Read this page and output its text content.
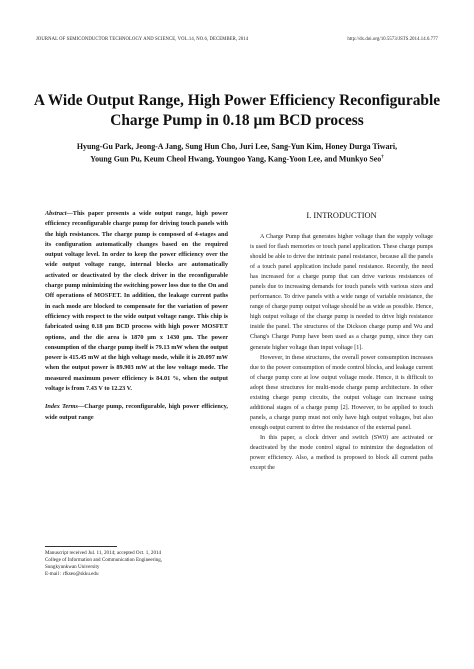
JOURNAL OF SEMICONDUCTOR TECHNOLOGY AND SCIENCE, VOL.14, NO.6, DECEMBER, 2014	http://dx.doi.org/10.5573/JSTS.2014.14.6.777
A Wide Output Range, High Power Efficiency Reconfigurable Charge Pump in 0.18 µm BCD process
Hyung-Gu Park, Jeong-A Jang, Sung Hun Cho, Juri Lee, Sang-Yun Kim, Honey Durga Tiwari,
Young Gun Pu, Keum Cheol Hwang, Youngoo Yang, Kang-Yoon Lee, and Munkyo Seo†
Abstract—This paper presents a wide output range, high power efficiency reconfigurable charge pump for driving touch panels with the high resistances. The charge pump is composed of 4-stages and its configuration automatically changes based on the required output voltage level. In order to keep the power efficiency over the wide output voltage range, internal blocks are automatically activated or deactivated by the clock driver in the reconfigurable charge pump minimizing the switching power loss due to the On and Off operations of MOSFET. In addition, the leakage current paths in each mode are blocked to compensate for the variation of power efficiency with respect to the wide output voltage range. This chip is fabricated using 0.18 µm BCD process with high power MOSFET options, and the die area is 1870 µm x 1430 µm. The power consumption of the charge pump itself is 79.13 mW when the output power is 415.45 mW at the high voltage mode, while it is 20.097 mW when the output power is 89.903 mW at the low voltage mode. The measured maximum power efficiency is 84.01 %, when the output voltage is from 7.43 V to 12.23 V.
Index Terms—Charge pump, reconfigurable, high power efficiency, wide output range
Manuscript received Jul. 11, 2014; accepted Oct. 1, 2014
College of Information and Communication Engineering,
Sungkyunkwan University
E-mail : rfkseo@skku.edu
I. INTRODUCTION

A Charge Pump that generates higher voltage than the supply voltage is used for flash memories or touch panel application. These charge pumps should be able to drive the intrinsic panel resistance, because all the panels of a touch panel application include panel resistance. Recently, the need has increased for a charge pump that can drive various resistances of panels due to increasing demands for touch panels with various sizes and performance. To drive panels with a wide range of variable resistance, the range of charge pump output voltage should be as wide as possible. Hence, high output voltage of the charge pump is needed to drive high resistance inside the panel. The structures of the Dickson charge pump and Wu and Chang's Charge Pump have been used as a charge pump, since they can generate higher voltage than input voltage [1].

However, in these structures, the overall power consumption increases due to the power consumption of mode control blocks, and leakage current of charge pump core at low output voltage mode. Hence, it is difficult to adopt these structures for multi-mode charge pump architecture. In other existing charge pump circuits, the output voltage can increase using additional stages of a charge pump [2]. However, to be applied to touch panels, a charge pump must not only have high output voltages, but also enough output current to drive the resistance of the external panel.

In this paper, a clock driver and switch (SW0) are activated or deactivated by the mode control signal to minimize the degradation of power efficiency. Also, a method is proposed to block all current paths except the
